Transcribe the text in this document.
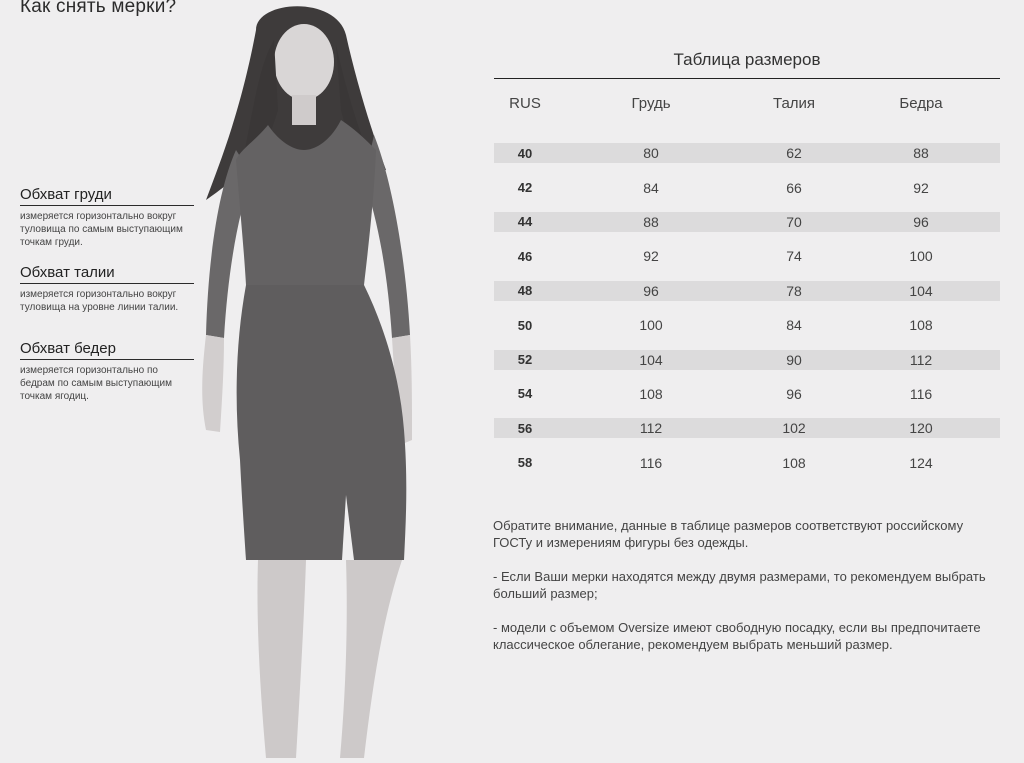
Как снять мерки?
Обхват груди
измеряется горизонтально вокруг туловища по самым выступающим точкам груди.
Обхват талии
измеряется горизонтально вокруг туловища на уровне линии талии.
Обхват бедер
измеряется горизонтально по бедрам по самым выступающим точкам ягодиц.
Таблица размеров
RUS	Грудь	Талия	Бедра
40	80	62	88
42	84	66	92
44	88	70	96
46	92	74	100
48	96	78	104
50	100	84	108
52	104	90	112
54	108	96	116
56	112	102	120
58	116	108	124

Обратите внимание, данные в таблице размеров соответствуют российскому ГОСТу и измерениям фигуры без одежды.

- Если Ваши мерки находятся между двумя размерами, то рекомендуем выбрать больший размер;

- модели с объемом Oversize имеют свободную посадку, если вы предпочитаете классическое облегание, рекомендуем выбрать меньший размер.
